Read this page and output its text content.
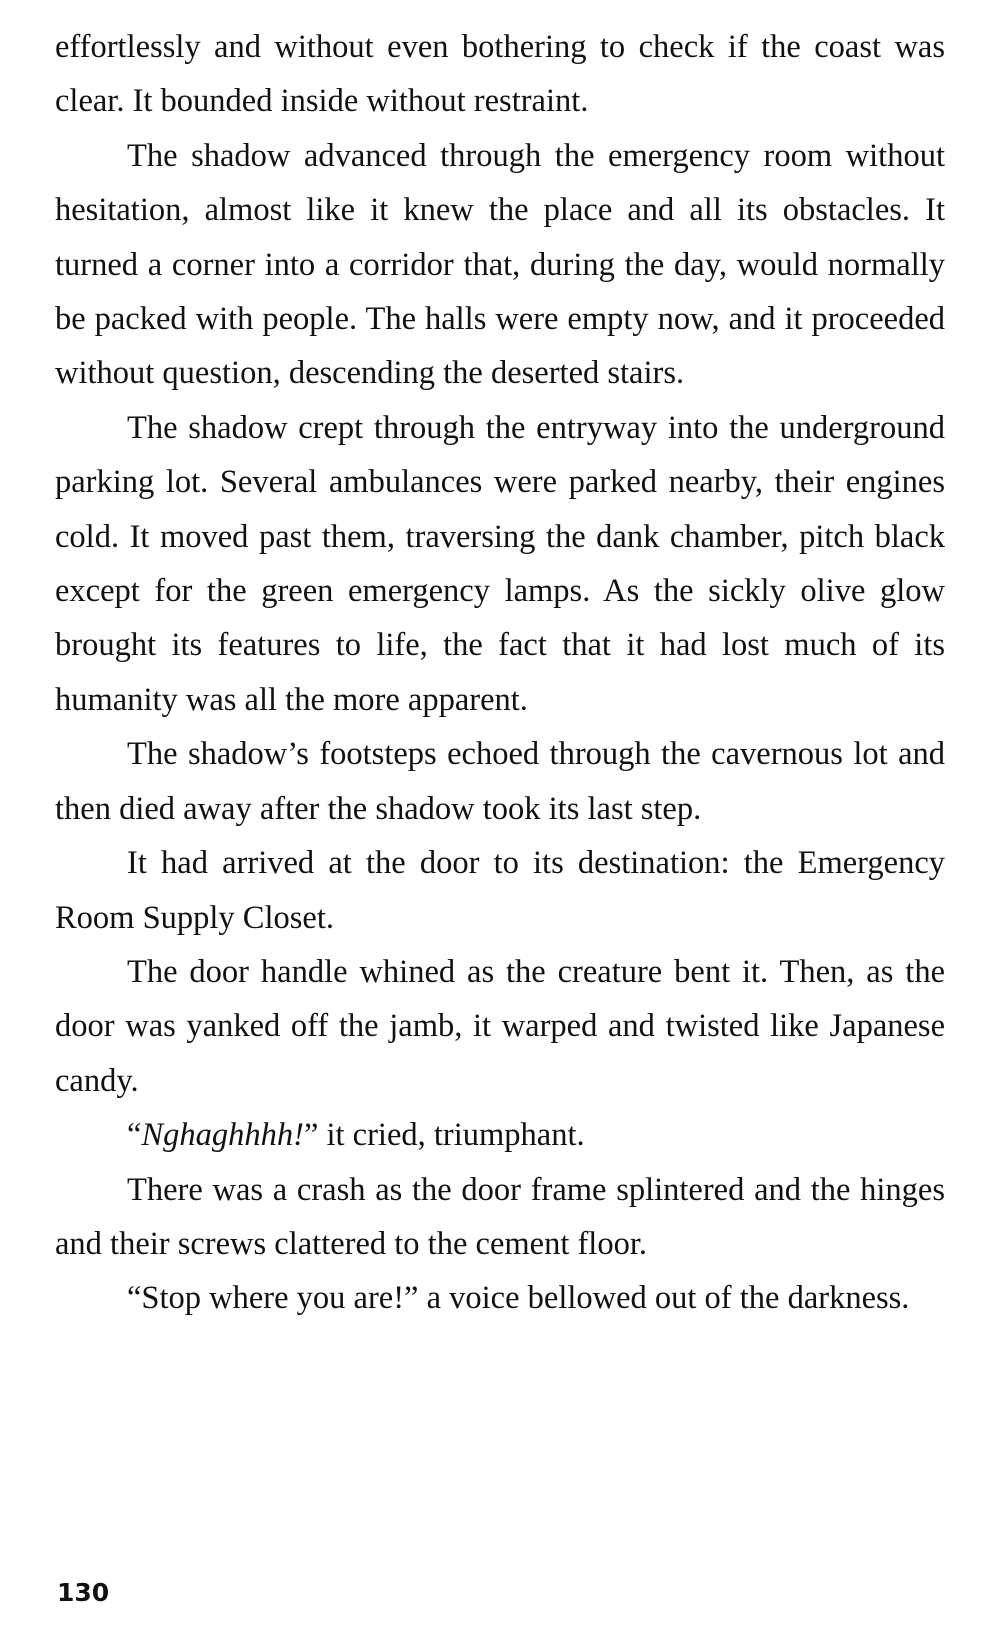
effortlessly and without even bothering to check if the coast was clear. It bounded inside without restraint.

The shadow advanced through the emergency room without hesitation, almost like it knew the place and all its obstacles. It turned a corner into a corridor that, during the day, would normally be packed with people. The halls were empty now, and it proceeded without question, descending the deserted stairs.

The shadow crept through the entryway into the underground parking lot. Several ambulances were parked nearby, their engines cold. It moved past them, traversing the dank chamber, pitch black except for the green emergency lamps. As the sickly olive glow brought its features to life, the fact that it had lost much of its humanity was all the more apparent.

The shadow’s footsteps echoed through the cavernous lot and then died away after the shadow took its last step.

It had arrived at the door to its destination: the Emergency Room Supply Closet.

The door handle whined as the creature bent it. Then, as the door was yanked off the jamb, it warped and twisted like Japanese candy.

“Nghaghhhh!” it cried, triumphant.

There was a crash as the door frame splintered and the hinges and their screws clattered to the cement floor.

“Stop where you are!” a voice bellowed out of the darkness.

130
